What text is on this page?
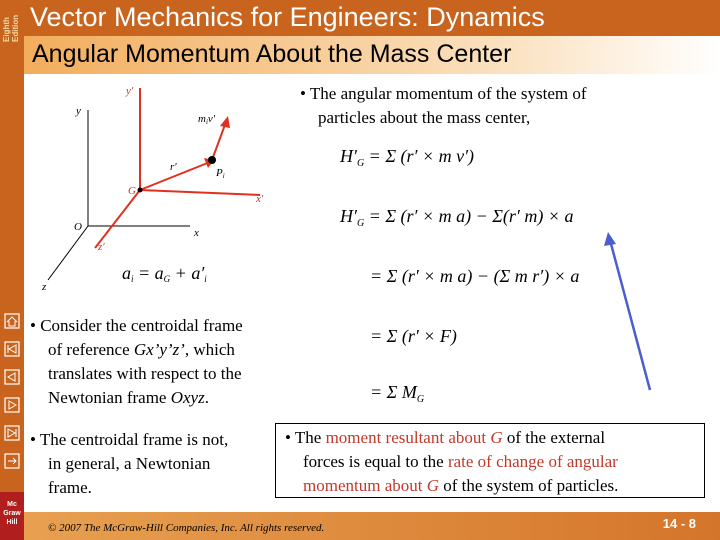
Eighth Edition
Mc
Graw
Hill
Vector Mechanics for Engineers: Dynamics
Angular Momentum About the Mass Center
y′
y
miv′
r′	Pi
G
x′
O	x
z′
z
ai = aG + a′i
• The angular momentum of the system of
particles about the mass center,
$H'_G = \Sigma$ (r′ × m v′)
$H'_G = \Sigma$ (r′ × m a) − Σ(r′ m) × a
= Σ (r′ × m a) − (Σ m r′) × a
= Σ (r′ × F)
= Σ $M_G$
• Consider the centroidal frame
of reference Gx’y’z’, which
translates with respect to the
Newtonian frame Oxyz.
• The centroidal frame is not,
in general, a Newtonian
frame.
• The moment resultant about G of the external
forces is equal to the rate of change of angular
momentum about G of the system of particles.
© 2007 The McGraw-Hill Companies, Inc. All rights reserved.	14 - 8
